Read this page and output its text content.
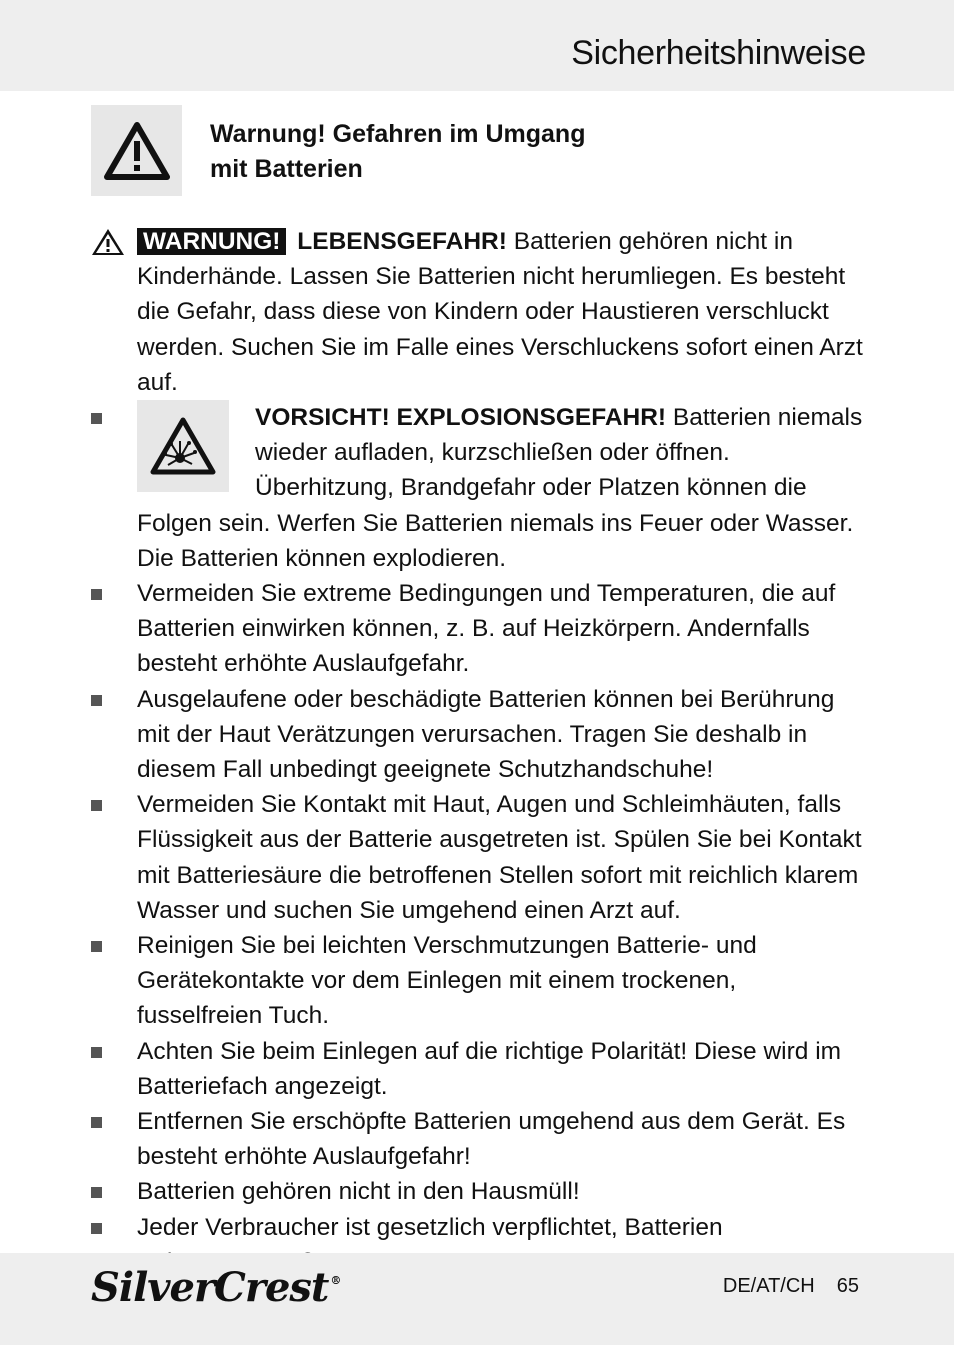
Sicherheitshinweise
Warnung! Gefahren im Umgang mit Batterien
WARNUNG! LEBENSGEFAHR! Batterien gehören nicht in Kinderhände. Lassen Sie Batterien nicht herumliegen. Es besteht die Gefahr, dass diese von Kindern oder Haustieren verschluckt werden. Suchen Sie im Falle eines Verschluckens sofort einen Arzt auf.
VORSICHT! EXPLOSIONSGEFAHR! Batterien niemals wieder aufladen, kurzschließen oder öffnen. Überhitzung, Brandgefahr oder Platzen können die Folgen sein. Werfen Sie Batterien niemals ins Feuer oder Wasser. Die Batterien können explodieren.
Vermeiden Sie extreme Bedingungen und Temperaturen, die auf Batterien einwirken können, z. B. auf Heizkörpern. Andernfalls besteht erhöhte Auslaufgefahr.
Ausgelaufene oder beschädigte Batterien können bei Berührung mit der Haut Verätzungen verursachen. Tragen Sie deshalb in diesem Fall unbedingt geeignete Schutzhandschuhe!
Vermeiden Sie Kontakt mit Haut, Augen und Schleimhäuten, falls Flüssigkeit aus der Batterie ausgetreten ist. Spülen Sie bei Kontakt mit Batteriesäure die betroffenen Stellen sofort mit reichlich klarem Wasser und suchen Sie umgehend einen Arzt auf.
Reinigen Sie bei leichten Verschmutzungen Batterie- und Gerätekontakte vor dem Einlegen mit einem trockenen, fusselfreien Tuch.
Achten Sie beim Einlegen auf die richtige Polarität! Diese wird im Batteriefach angezeigt.
Entfernen Sie erschöpfte Batterien umgehend aus dem Gerät. Es besteht erhöhte Auslaufgefahr!
Batterien gehören nicht in den Hausmüll!
Jeder Verbraucher ist gesetzlich verpflichtet, Batterien
SilverCrest ®	DE/AT/CH 65
